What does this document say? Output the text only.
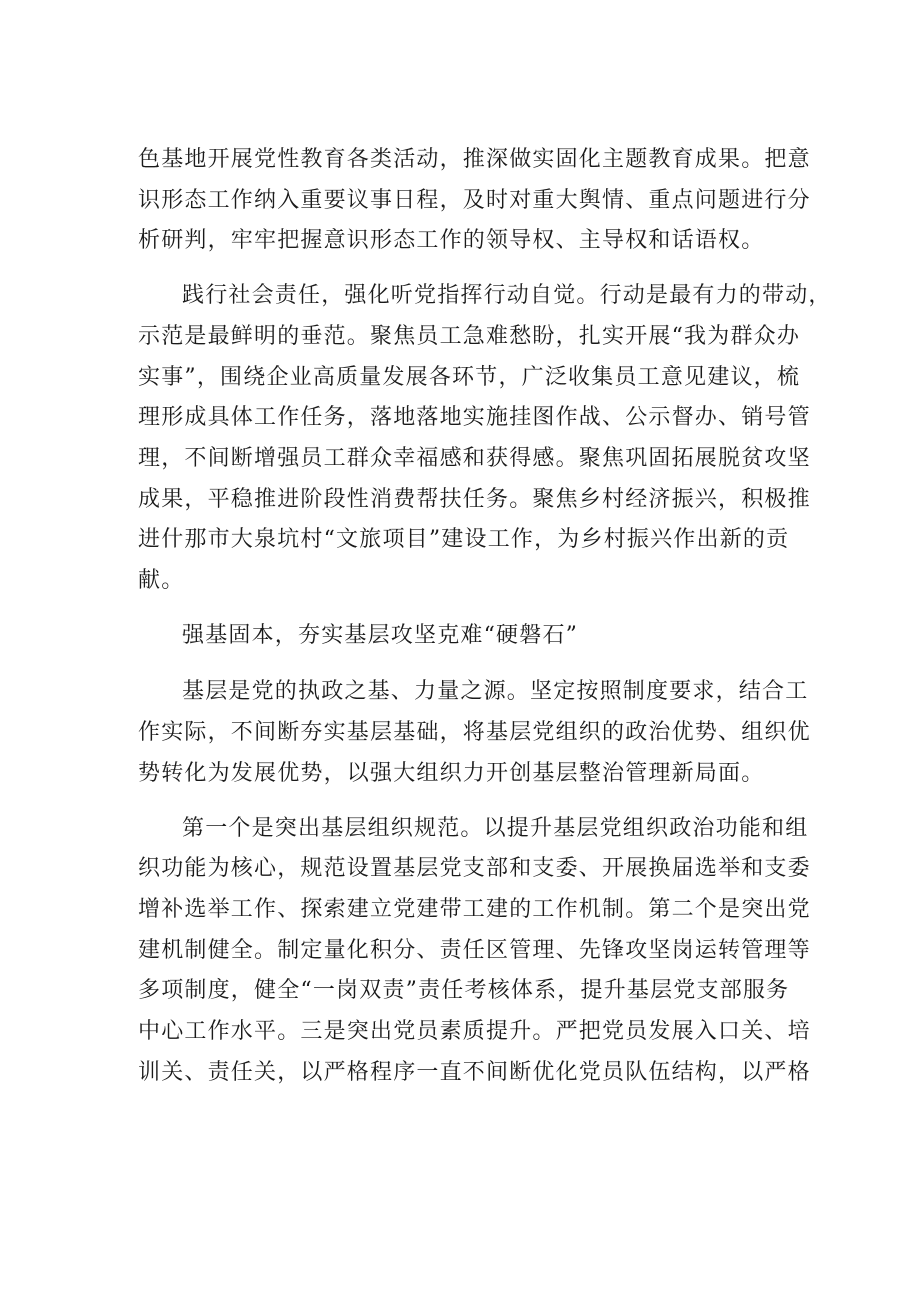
色基地开展党性教育各类活动，推深做实固化主题教育成果。把意
识形态工作纳入重要议事日程，及时对重大舆情、重点问题进行分
析研判，牢牢把握意识形态工作的领导权、主导权和话语权。

践行社会责任，强化听党指挥行动自觉。行动是最有力的带动，
示范是最鲜明的垂范。聚焦员工急难愁盼，扎实开展“我为群众办
实事”，围绕企业高质量发展各环节，广泛收集员工意见建议，梳
理形成具体工作任务，落地落地实施挂图作战、公示督办、销号管
理，不间断增强员工群众幸福感和获得感。聚焦巩固拓展脱贫攻坚
成果，平稳推进阶段性消费帮扶任务。聚焦乡村经济振兴，积极推
进什那市大泉坑村“文旅项目”建设工作，为乡村振兴作出新的贡
献。

强基固本，夯实基层攻坚克难“硬磐石”

基层是党的执政之基、力量之源。坚定按照制度要求，结合工
作实际，不间断夯实基层基础，将基层党组织的政治优势、组织优
势转化为发展优势，以强大组织力开创基层整治管理新局面。

第一个是突出基层组织规范。以提升基层党组织政治功能和组
织功能为核心，规范设置基层党支部和支委、开展换届选举和支委
增补选举工作、探索建立党建带工建的工作机制。第二个是突出党
建机制健全。制定量化积分、责任区管理、先锋攻坚岗运转管理等
多项制度，健全“一岗双责”责任考核体系，提升基层党支部服务
中心工作水平。三是突出党员素质提升。严把党员发展入口关、培
训关、责任关，以严格程序一直不间断优化党员队伍结构，以严格
